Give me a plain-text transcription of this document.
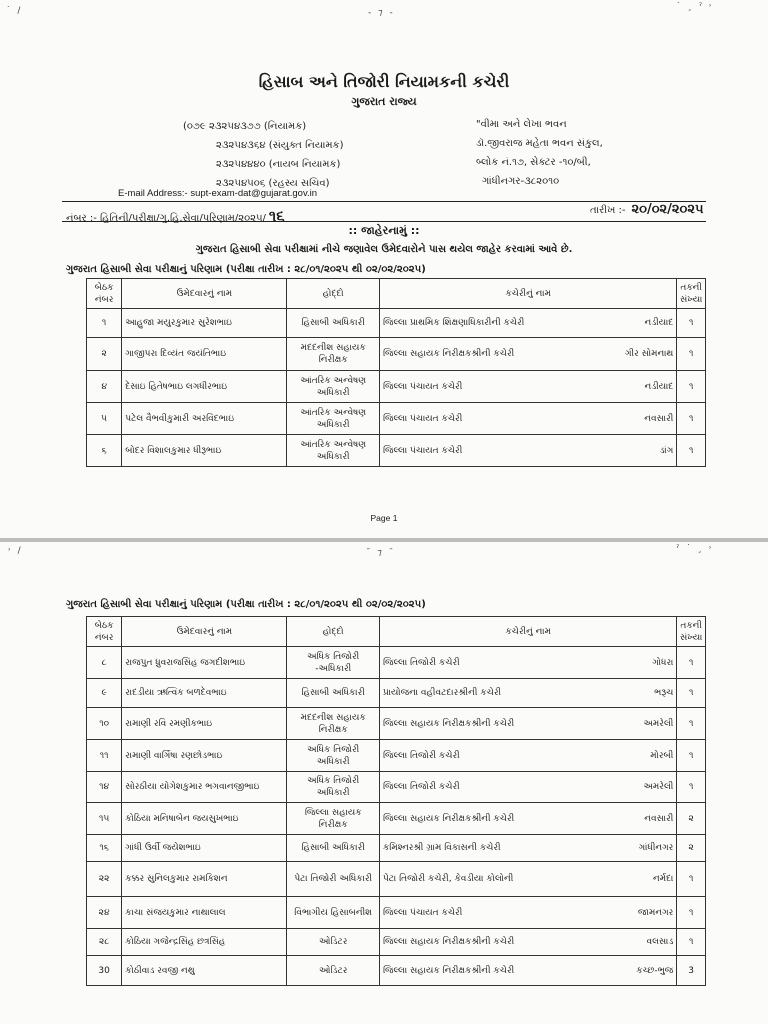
˙ /	- ⁊ -
˙ ¸ ˀ ˒
હિસાબ અને તિજોરી નિયામકની કચેરી
ગુજરાત રાજ્ય
(૦૭૯ ૨૩૨૫૪૩૭૭ (નિયામક)
૨૩૨૫૪૩૬૪ (સંયુક્ત નિયામક)
૨૩૨૫૪૪૪૦ (નાયબ નિયામક)
૨૩૨૫૪૫૦૬ (રહસ્ય સચિવ)
"વીમા અને લેખા ભવન
ડૉ.જીવરાજ મહેતા ભવન સંકુલ,
બ્લોક નં.૧૭, સેક્ટર -૧૦/બી,
ગાંધીનગર-૩૮૨૦૧૦
E-mail Address:- supt-exam-dat@gujarat.gov.in
નંબર :- હિતિની/પરીક્ષા/ગુ.હિ.સેવા/પરિણામ/૨૦૨૫/ ૧૬	તારીખ :- ૨૦/૦૨/૨૦૨૫
:: જાહેરનામું ::
ગુજરાત હિસાબી સેવા પરીક્ષામાં નીચે જણાવેલ ઉમેદવારોને પાસ થયેલ જાહેર કરવામાં આવે છે.
ગુજરાત હિસાબી સેવા પરીક્ષાનું પરિણામ (પરીક્ષા તારીખ : ૨૮/૦૧/૨૦૨૫ થી ૦૨/૦૨/૨૦૨૫)
બેઠક નંબર	ઉમેદવારનું નામ	હોદ્દો	કચેરીનું નામ		તકની સંખ્યા
૧	આહુજા મયુરકુમાર સુરેશભાઇ	હિસાબી અધિકારી	જિલ્લા પ્રાથમિક શિક્ષણાધિકારીની કચેરી	નડીયાદ	૧
૨	ગાજીપરા દિવ્યંત જયંતિભાઇ	મદદનીશ સહાયક નિરીક્ષક	જિલ્લા સહાયક નિરીક્ષકશ્રીની કચેરી	ગીર સોમનાથ	૧
૪	દેસાઇ હિતેષભાઇ લગધીરભાઇ	આંતરિક અન્વેષણ અધિકારી	જિલ્લા પંચાયત કચેરી	નડીયાદ	૧
૫	પટેલ વૈભવીકુમારી અરવિંદભાઇ	આંતરિક અન્વેષણ અધિકારી	જિલ્લા પંચાયત કચેરી	નવસારી	૧
૬	બોદર વિશાલકુમાર ધીરૂભાઇ	આંતરિક અન્વેષણ અધિકારી	જિલ્લા પંચાયત કચેરી	ડાંગ	૧
Page 1
˒ /	ˉ ⁊ ˉ	ˀ ˙ ¸ ˒
ગુજરાત હિસાબી સેવા પરીક્ષાનું પરિણામ (પરીક્ષા તારીખ : ૨૮/૦૧/૨૦૨૫ થી ૦૨/૦૨/૨૦૨૫)
બેઠક નંબર	ઉમેદવારનું નામ	હોદ્દો	કચેરીનું નામ		તકની સંખ્યા
૮	રાજપુત ધ્રુવરાજસિંહ જગદીશભાઇ	અધિક તિજોરી -અધિકારી	જિલ્લા તિજોરી કચેરી	ગોધરા	૧
૯	રાદડીયા ઋત્વિક બળદેવભાઇ	હિસાબી અધિકારી	પ્રાયોજના વહીવટદારશ્રીની કચેરી	ભરૂચ	૧
૧૦	રામાણી રવિ રમણીકભાઇ	મદદનીશ સહાયક નિરીક્ષક	જિલ્લા સહાયક નિરીક્ષકશ્રીની કચેરી	અમરેલી	૧
૧૧	રામાણી વાર્ગિષા રણછોડભાઇ	અધિક તિજોરી અધિકારી	જિલ્લા તિજોરી કચેરી	મોરબી	૧
૧૪	સોરઠીયા યોગેશકુમાર ભગવાનજીભાઇ	અધિક તિજોરી અધિકારી	જિલ્લા તિજોરી કચેરી	અમરેલી	૧
૧૫	કોઠિયા મનિષાબેન જયસુખભાઇ	જિલ્લા સહાયક નિરીક્ષક	જિલ્લા સહાયક નિરીક્ષકશ્રીની કચેરી	નવસારી	૨
૧૬	ગાંધી ઉર્વી જયેશભાઇ	હિસાબી અધિકારી	કમિશ્નરશ્રી ગ્રામ વિકાસની કચેરી	ગાંધીનગર	૨
૨૨	કક્કર સુનિલકુમાર રામકિશન	પેટા તિજોરી અધિકારી	પેટા તિજોરી કચેરી, કેવડીયા કોલોની	નર્મદા	૧
૨૪	કાચા સંજયકુમાર નાથાલાલ	વિભાગીય હિસાબનીશ	જિલ્લા પંચાયત કચેરી	જામનગર	૧
૨૮	કોઠિયા ગજેન્દ્રસિંહ છત્રસિંહ	ઓડિટર	જિલ્લા સહાયક નિરીક્ષકશ્રીની કચેરી	વલસાડ	૧
30	કોઠીવાડ રવજી નથુ	ઓડિટર	જિલ્લા સહાયક નિરીક્ષકશ્રીની કચેરી	કચ્છ-ભુજ	3
